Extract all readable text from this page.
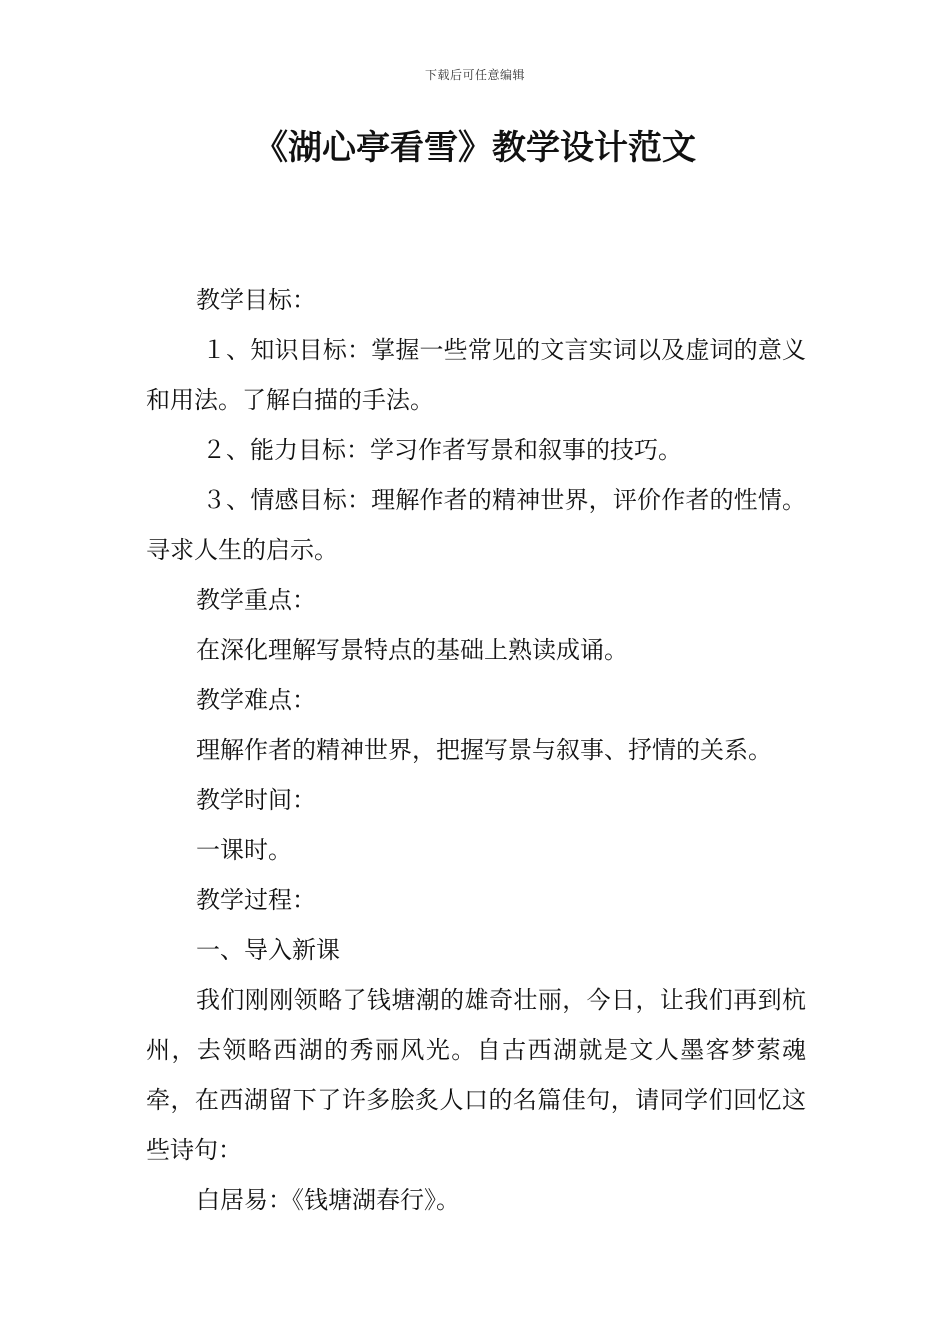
下载后可任意编辑
《湖心亭看雪》教学设计范文

教学目标：

１、知识目标：掌握一些常见的文言实词以及虚词的意义和用法。了解白描的手法。

２、能力目标：学习作者写景和叙事的技巧。

３、情感目标：理解作者的精神世界，评价作者的性情。寻求人生的启示。

教学重点：

在深化理解写景特点的基础上熟读成诵。

教学难点：

理解作者的精神世界，把握写景与叙事、抒情的关系。

教学时间：

一课时。

教学过程：

一、导入新课

我们刚刚领略了钱塘潮的雄奇壮丽，今日，让我们再到杭州，去领略西湖的秀丽风光。自古西湖就是文人墨客梦萦魂牵，在西湖留下了许多脍炙人口的名篇佳句，请同学们回忆这些诗句：

白居易：《钱塘湖春行》。
